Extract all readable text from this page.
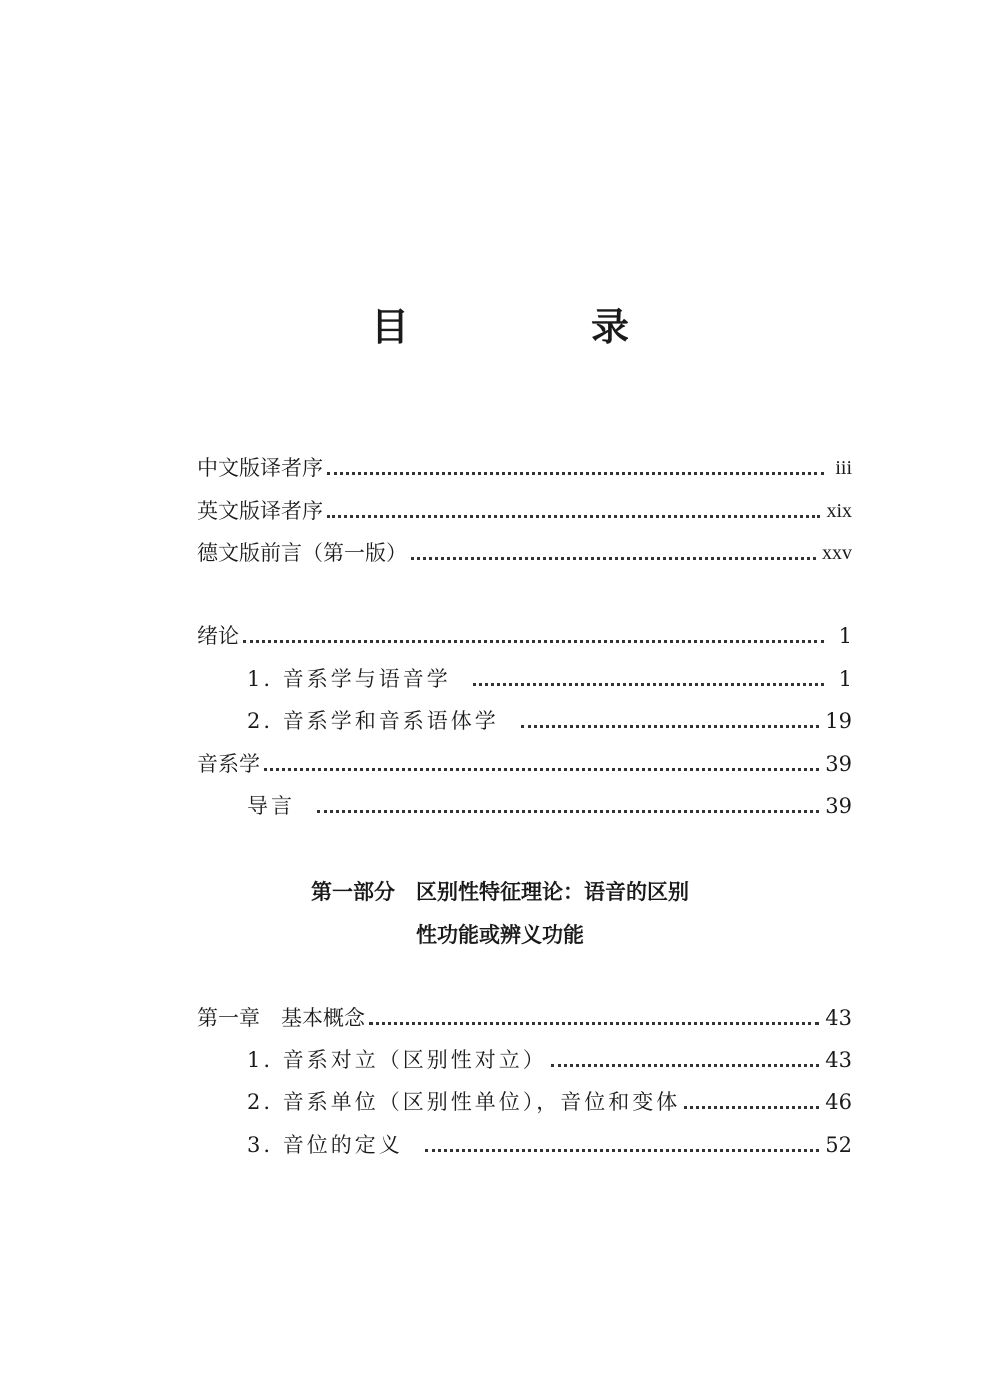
目　录
中文版译者序	iii
英文版译者序	xix
德文版前言（第一版）	xxv
绪论	1
1. 音系学与语音学	1
2. 音系学和音系语体学	19
音系学	39
导言	39
第一部分　区别性特征理论：语音的区别
性功能或辨义功能
第一章　基本概念	43
1. 音系对立（区别性对立）	43
2. 音系单位（区别性单位），音位和变体	46
3. 音位的定义	52
